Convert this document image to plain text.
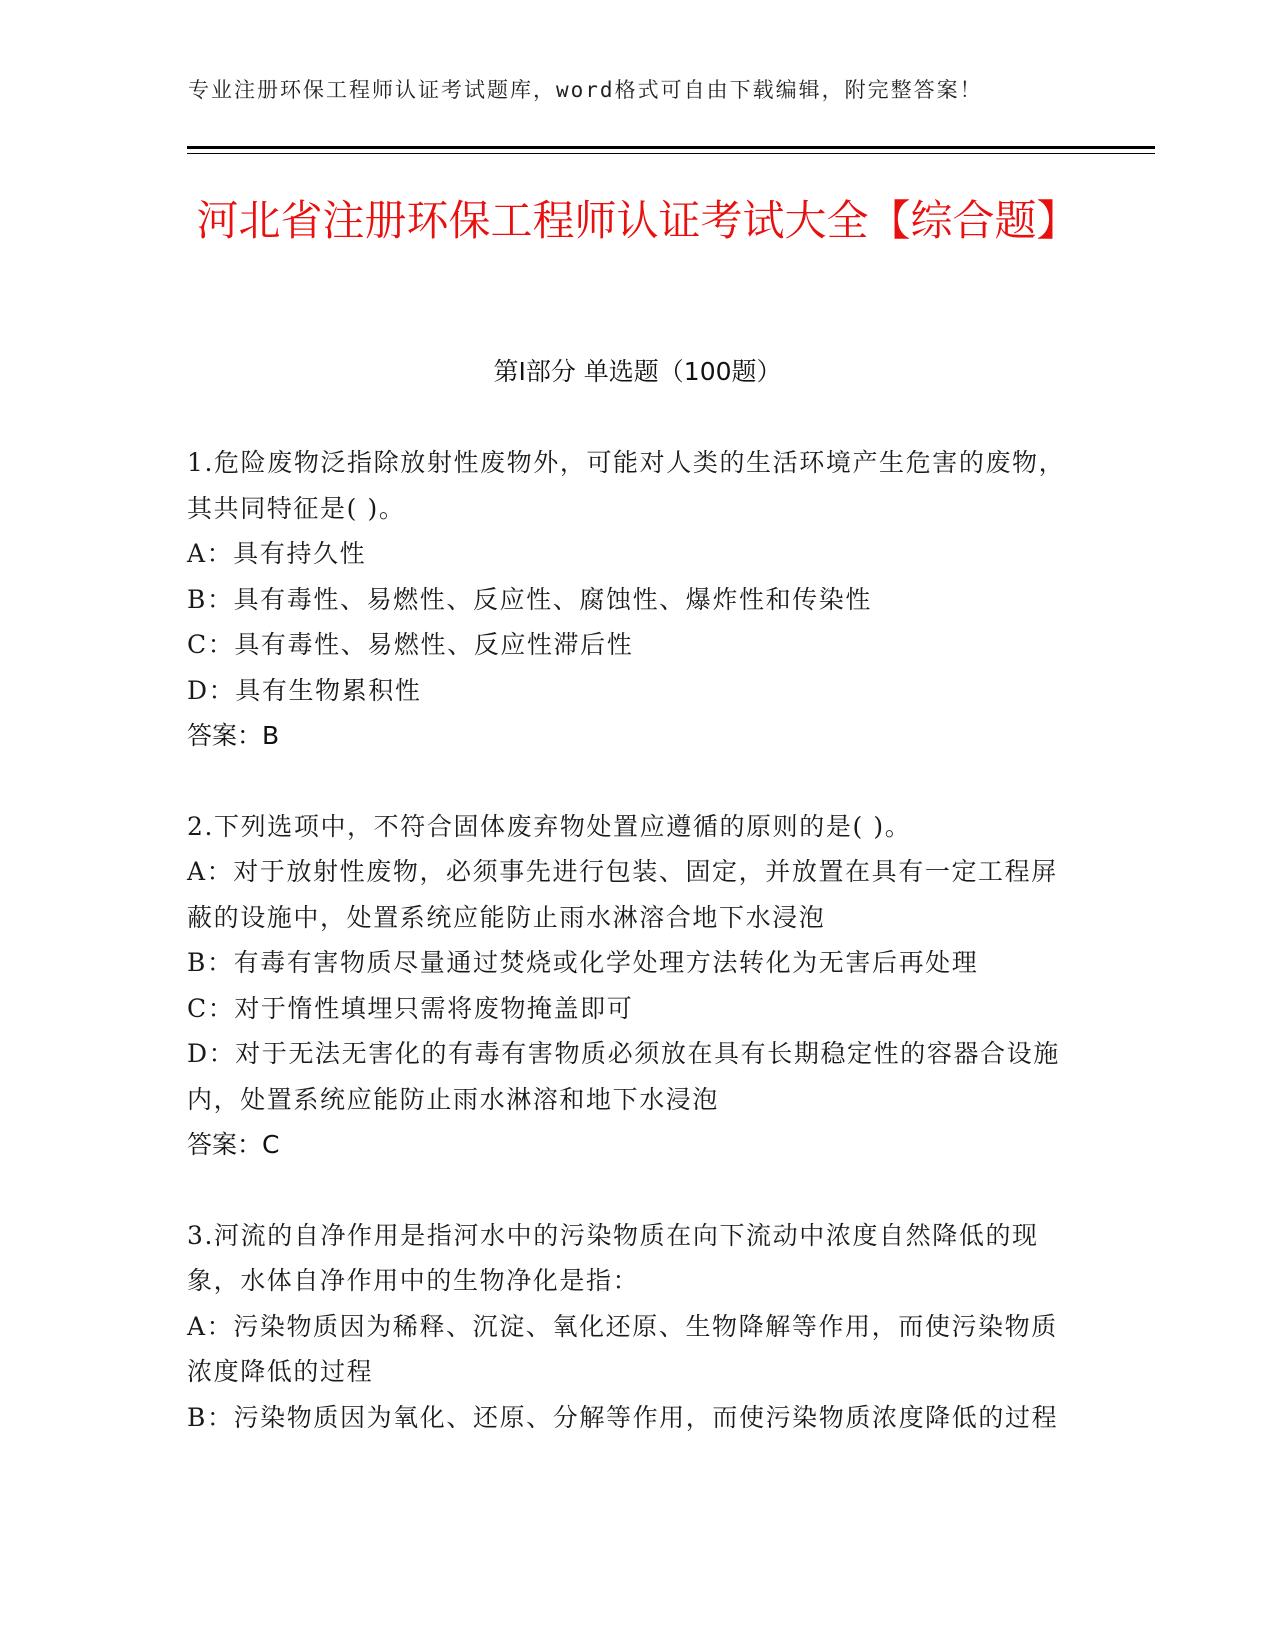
专业注册环保工程师认证考试题库，word格式可自由下载编辑，附完整答案！
河北省注册环保工程师认证考试大全【综合题】
第Ⅰ部分 单选题（100题）
1.危险废物泛指除放射性废物外，可能对人类的生活环境产生危害的废物，其共同特征是( )。
A：具有持久性
B：具有毒性、易燃性、反应性、腐蚀性、爆炸性和传染性
C：具有毒性、易燃性、反应性滞后性
D：具有生物累积性
答案：B
2.下列选项中，不符合固体废弃物处置应遵循的原则的是( )。
A：对于放射性废物，必须事先进行包装、固定，并放置在具有一定工程屏蔽的设施中，处置系统应能防止雨水淋溶合地下水浸泡
B：有毒有害物质尽量通过焚烧或化学处理方法转化为无害后再处理
C：对于惰性填埋只需将废物掩盖即可
D：对于无法无害化的有毒有害物质必须放在具有长期稳定性的容器合设施内，处置系统应能防止雨水淋溶和地下水浸泡
答案：C
3.河流的自净作用是指河水中的污染物质在向下流动中浓度自然降低的现象，水体自净作用中的生物净化是指：
A：污染物质因为稀释、沉淀、氧化还原、生物降解等作用，而使污染物质浓度降低的过程
B：污染物质因为氧化、还原、分解等作用，而使污染物质浓度降低的过程
